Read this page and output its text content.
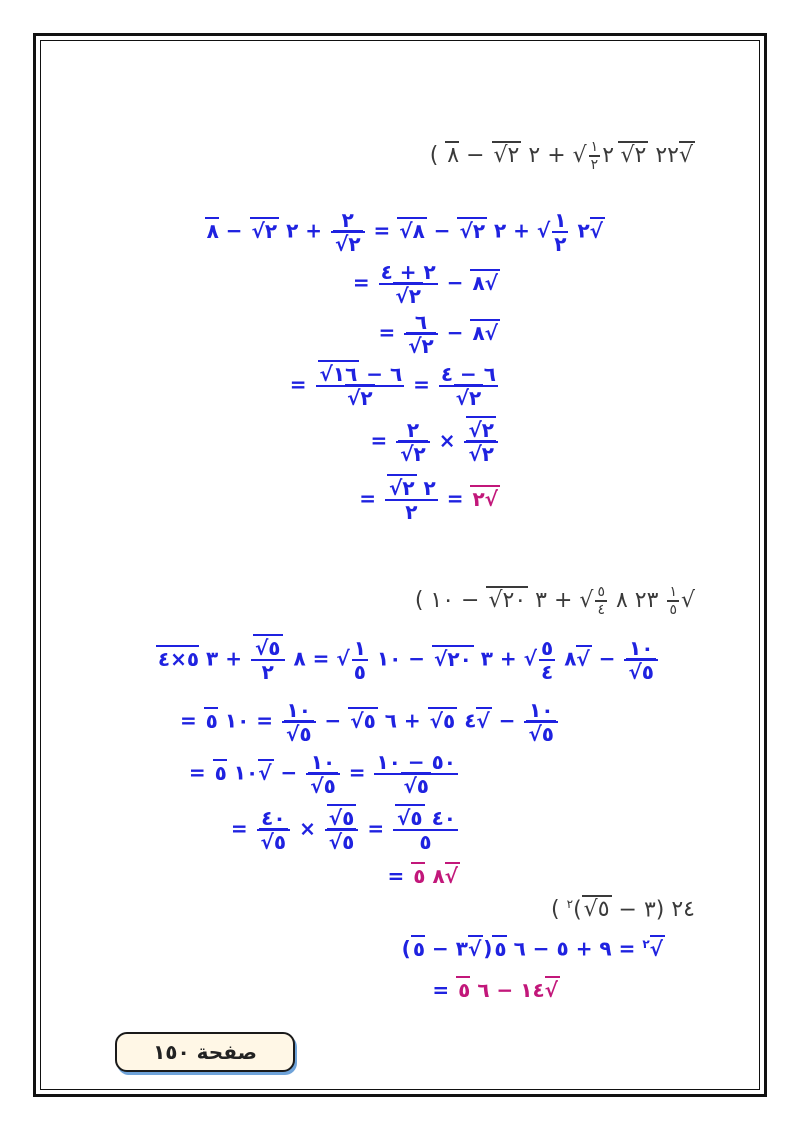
( ٢٢ ٢ √ ٢
$\frac{١}{٢}$
√ + ٢ ٢ √ − ٨ √
٢
$\frac{١}{٢}$
√ + ٢ ٢ √ − ٨ √ =
$\frac{٢}{٢}$ √
+ ٢ ٢ √ − ٨ √
= $\frac{٢ + ٤}{٢}$ √ − ٨ √
= $\frac{٦}{٢}$ √ − ٨ √
= $\frac{٦ - ١٦ √}{٢}$ √ = $\frac{٦ - ٤}{٢}$ √
= $\frac{٢}{٢}$ √ × $\frac{٢ √}{٢}$ √
= $\frac{٢ ٢ √}{٢}$ = ٢ √
( ٢٣ ٨
$\frac{٥}{٤}$
√ + ٣ ٢٠ √ − ١٠ $\frac{١}{٥}$ √
٨
$\frac{٥}{٤}$
√ + ٣ ٢٠ √ − ١٠
$\frac{١}{٥}$
√ = ٨
$\frac{٥ √}{٢}$
+ ٣ ٥×٤ √	− $\frac{١٠}{٥}$ √
= ٤ ٥ √ + ٦ ٥ √ −
$\frac{١٠}{٥}$ √
= ١٠ ٥ √	− $\frac{١٠}{٥}$ √
= ١٠ ٥ √ − $\frac{١٠}{٥}$ √ = $\frac{٥٠ - ١٠}{٥}$ √
= $\frac{٤٠}{٥}$ √ × $\frac{٥ √}{٥}$ √ = $\frac{٤٠ ٥ √}{٥}$
= ٨ ٥ √
( ٢٤ (٣ − ٥ √)$^٢$
(٣ − ٥ √	)	$^٢$ = ٩ + ٥ − ٦ ٥ √
= ١٤ − ٦ ٥ √
صفحة ١٥٠
